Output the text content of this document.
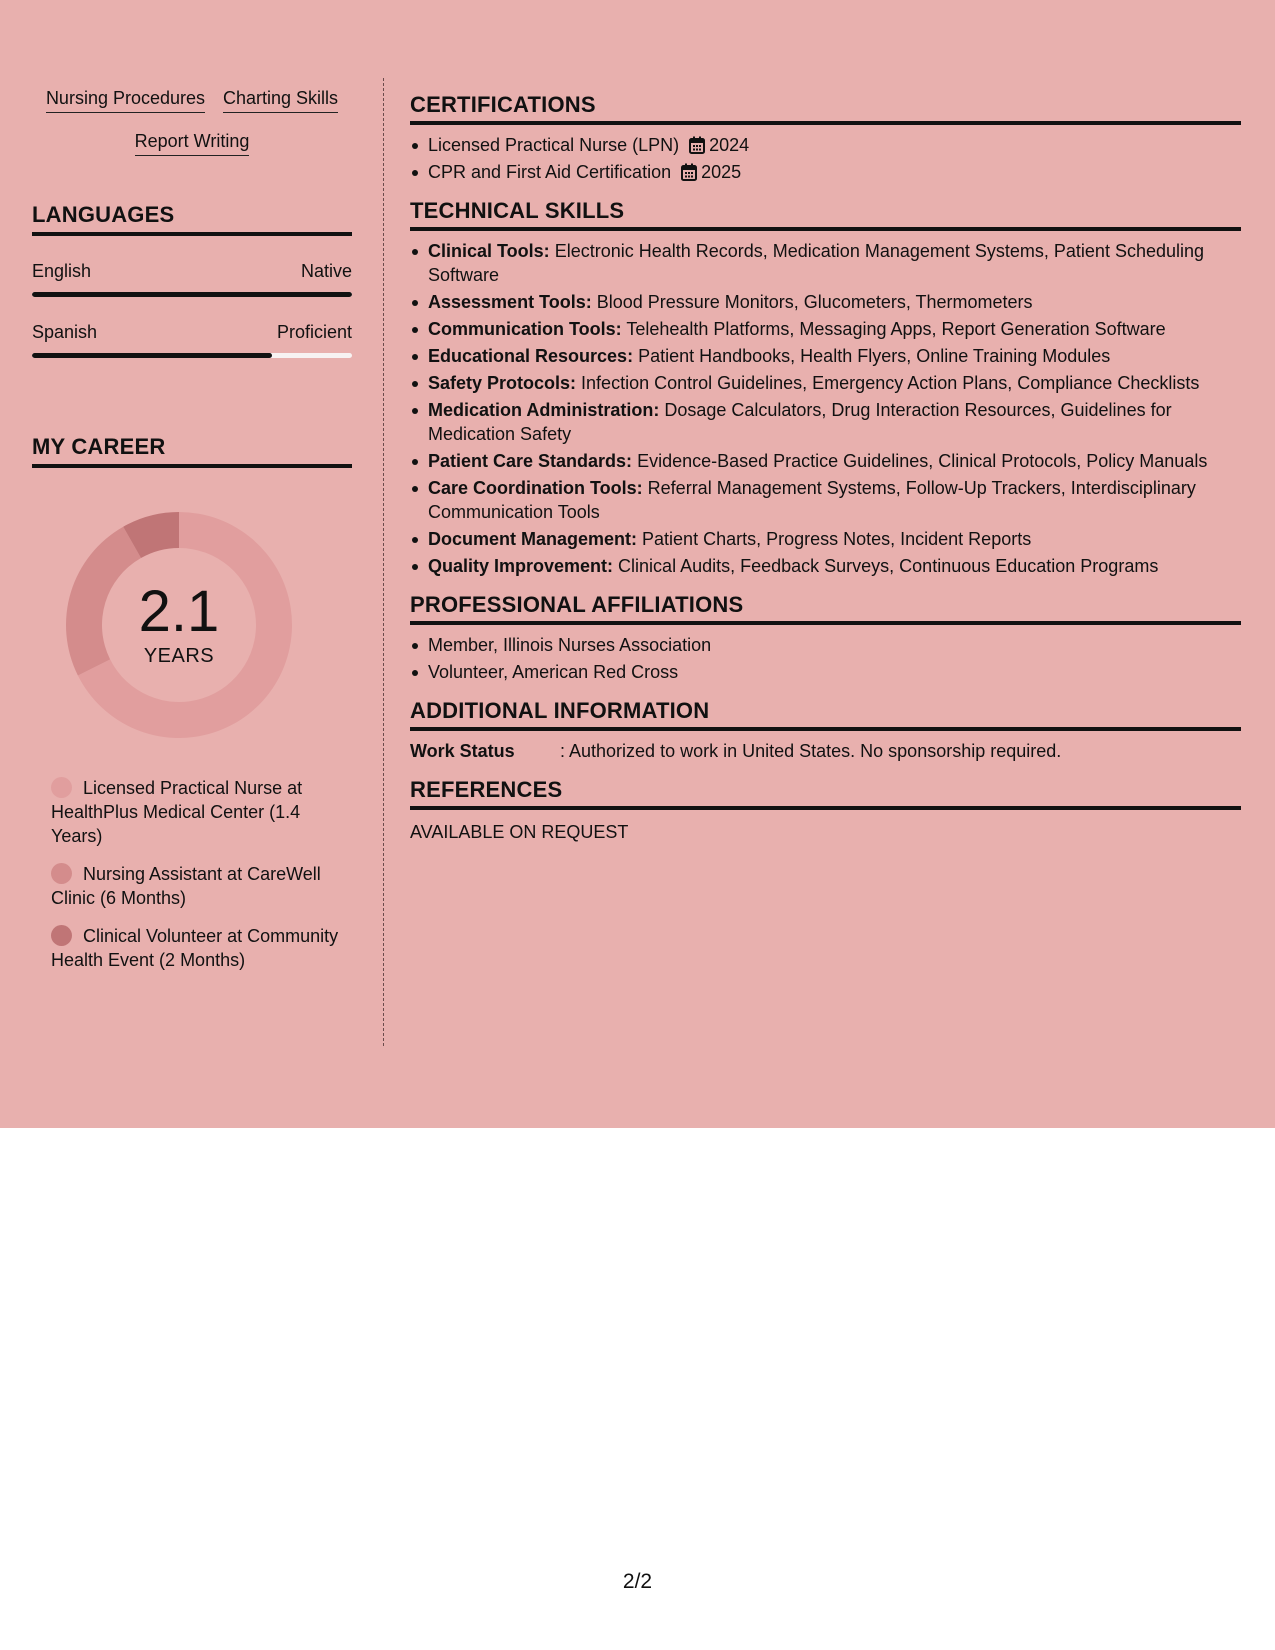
Nursing Procedures Charting Skills
Report Writing
LANGUAGES
English	Native
Spanish	Proficient
MY CAREER
2.1
YEARS
Licensed Practical Nurse at HealthPlus Medical Center (1.4 Years)
Nursing Assistant at CareWell Clinic (6 Months)
Clinical Volunteer at Community Health Event (2 Months)
CERTIFICATIONS
Licensed Practical Nurse (LPN) 2024
CPR and First Aid Certification 2025
TECHNICAL SKILLS
Clinical Tools: Electronic Health Records, Medication Management Systems, Patient Scheduling Software
Assessment Tools: Blood Pressure Monitors, Glucometers, Thermometers
Communication Tools: Telehealth Platforms, Messaging Apps, Report Generation Software
Educational Resources: Patient Handbooks, Health Flyers, Online Training Modules
Safety Protocols: Infection Control Guidelines, Emergency Action Plans, Compliance Checklists
Medication Administration: Dosage Calculators, Drug Interaction Resources, Guidelines for Medication Safety
Patient Care Standards: Evidence-Based Practice Guidelines, Clinical Protocols, Policy Manuals
Care Coordination Tools: Referral Management Systems, Follow-Up Trackers, Interdisciplinary Communication Tools
Document Management: Patient Charts, Progress Notes, Incident Reports
Quality Improvement: Clinical Audits, Feedback Surveys, Continuous Education Programs
PROFESSIONAL AFFILIATIONS
Member, Illinois Nurses Association
Volunteer, American Red Cross
ADDITIONAL INFORMATION
Work Status	: Authorized to work in United States. No sponsorship required.
REFERENCES
AVAILABLE ON REQUEST
2/2
